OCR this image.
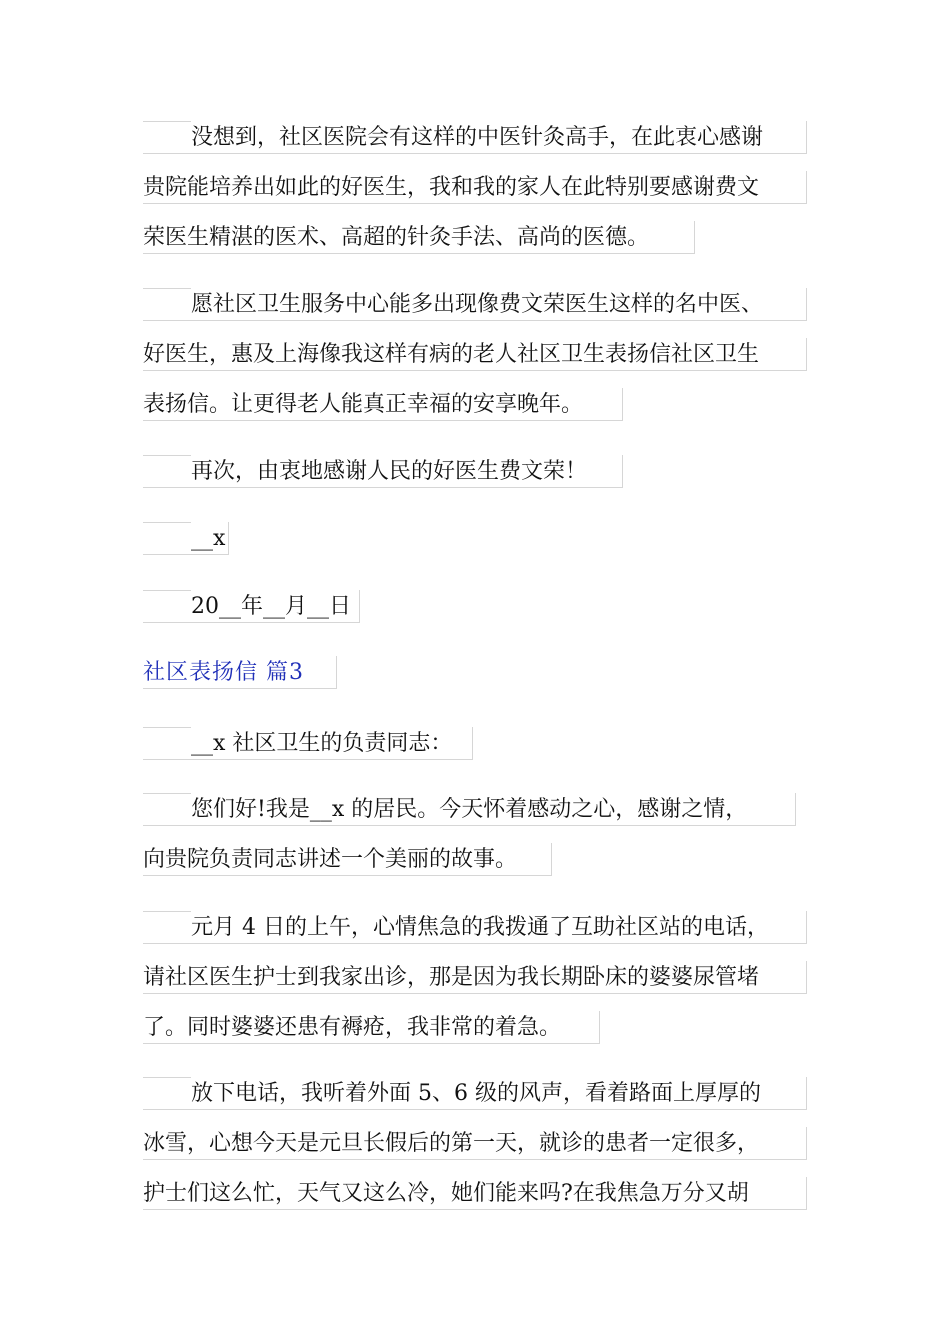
没想到，社区医院会有这样的中医针灸高手，在此衷心感谢
贵院能培养出如此的好医生，我和我的家人在此特别要感谢费文
荣医生精湛的医术、高超的针灸手法、高尚的医德。
愿社区卫生服务中心能多出现像费文荣医生这样的名中医、
好医生，惠及上海像我这样有病的老人社区卫生表扬信社区卫生
表扬信。让更得老人能真正幸福的安享晚年。
再次，由衷地感谢人民的好医生费文荣！
__x
20__年__月__日
社区表扬信 篇3
__x 社区卫生的负责同志：
您们好!我是__x 的居民。今天怀着感动之心，感谢之情，
向贵院负责同志讲述一个美丽的故事。
元月 4 日的上午，心情焦急的我拨通了互助社区站的电话，
请社区医生护士到我家出诊，那是因为我长期卧床的婆婆尿管堵
了。同时婆婆还患有褥疮，我非常的着急。
放下电话，我听着外面 5、6 级的风声，看着路面上厚厚的
冰雪，心想今天是元旦长假后的第一天，就诊的患者一定很多，
护士们这么忙，天气又这么冷，她们能来吗?在我焦急万分又胡
